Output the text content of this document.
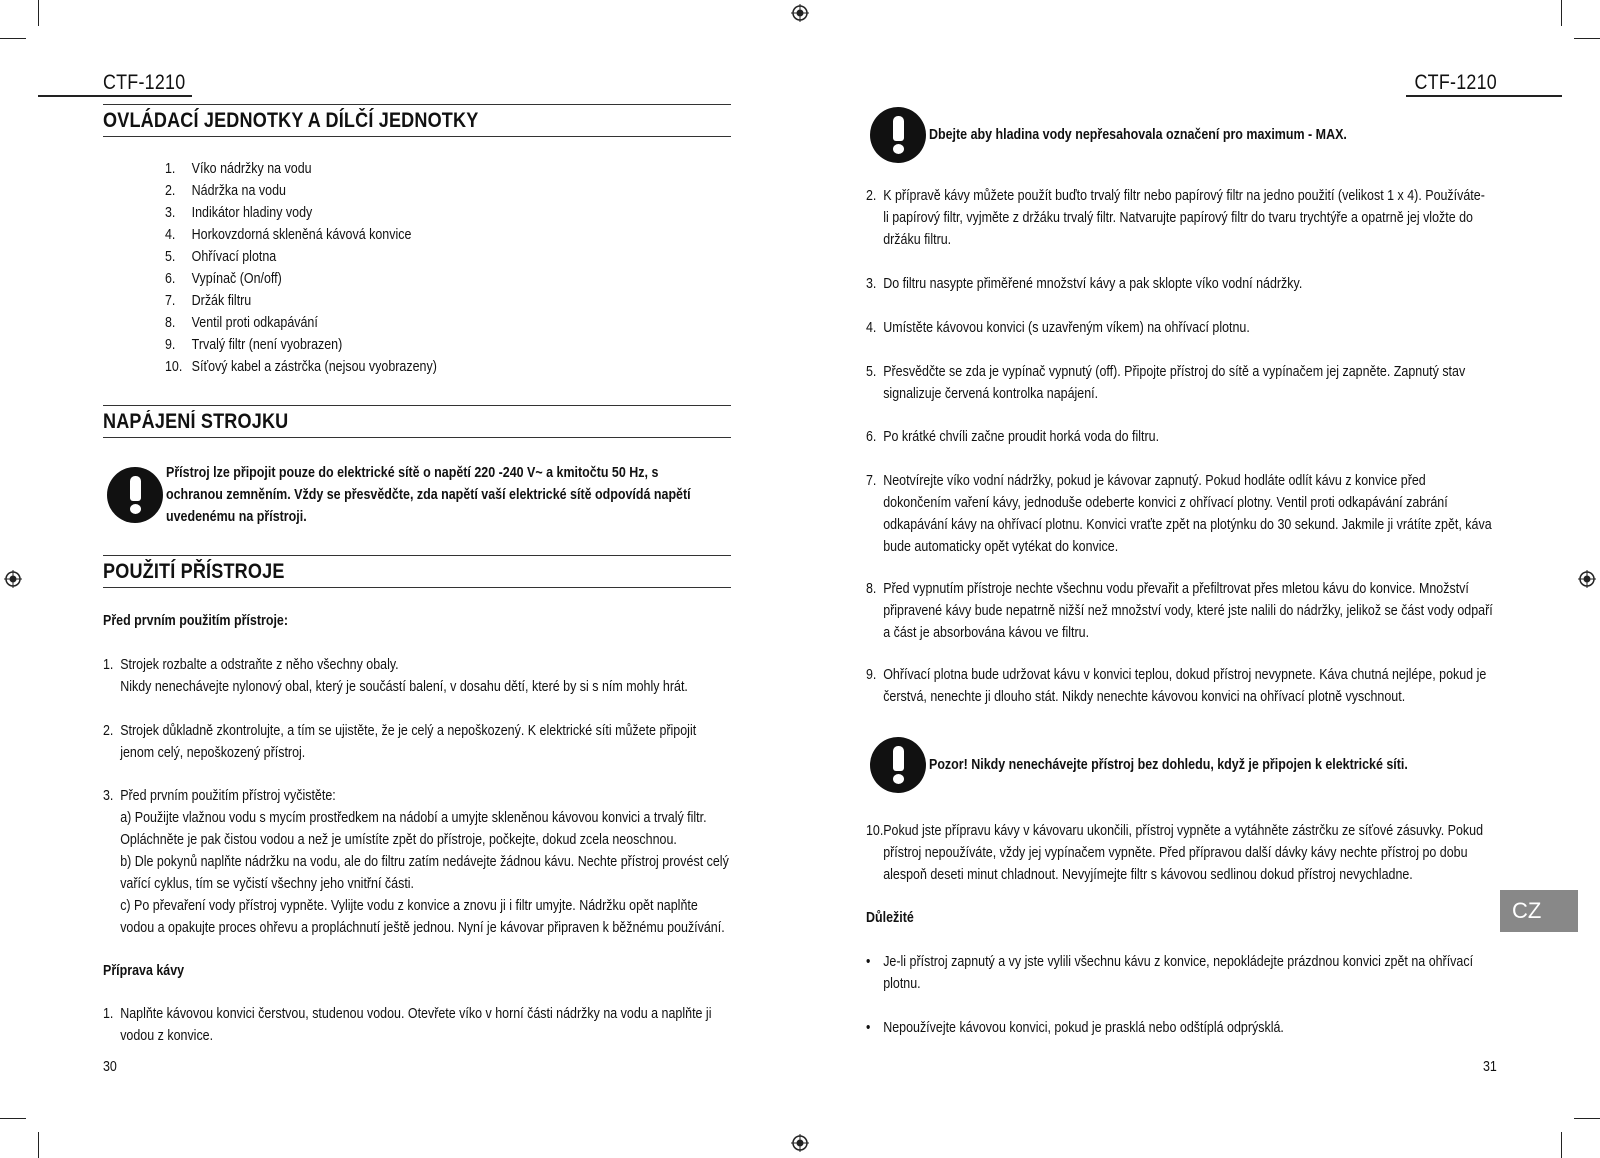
CTF-1210
OVLÁDACÍ JEDNOTKY A DÍLČÍ JEDNOTKY
1. Víko nádržky na vodu
2. Nádržka na vodu
3. Indikátor hladiny vody
4. Horkovzdorná skleněná kávová konvice
5. Ohřívací plotna
6. Vypínač (On/off)
7. Držák filtru
8. Ventil proti odkapávání
9. Trvalý filtr (není vyobrazen)
10. Síťový kabel a zástrčka (nejsou vyobrazeny)
NAPÁJENÍ STROJKU
Přístroj lze připojit pouze do elektrické sítě o napětí 220 -240 V~ a kmitočtu 50 Hz, s
ochranou zemněním. Vždy se přesvědčte, zda napětí vaší elektrické sítě odpovídá napětí
uvedenému na přístroji.
POUŽITÍ PŘÍSTROJE
Před prvním použitím přístroje:
1. Strojek rozbalte a odstraňte z něho všechny obaly.
Nikdy nenechávejte nylonový obal, který je součástí balení, v dosahu dětí, které by si s ním mohly hrát.
2. Strojek důkladně zkontrolujte, a tím se ujistěte, že je celý a nepoškozený. K elektrické síti můžete připojit
jenom celý, nepoškozený přístroj.
3. Před prvním použitím přístroj vyčistěte:
a) Použijte vlažnou vodu s mycím prostředkem na nádobí a umyjte skleněnou kávovou konvici a trvalý filtr.
Opláchněte je pak čistou vodou a než je umístíte zpět do přístroje, počkejte, dokud zcela neoschnou.
b) Dle pokynů naplňte nádržku na vodu, ale do filtru zatím nedávejte žádnou kávu. Nechte přístroj provést celý
vařící cyklus, tím se vyčistí všechny jeho vnitřní části.
c) Po převaření vody přístroj vypněte. Vylijte vodu z konvice a znovu ji i filtr umyjte. Nádržku opět naplňte
vodou a opakujte proces ohřevu a propláchnutí ještě jednou. Nyní je kávovar připraven k běžnému používání.
Příprava kávy
1. Naplňte kávovou konvici čerstvou, studenou vodou. Otevřete víko v horní části nádržky na vodu a naplňte ji
vodou z konvice.
30
CTF-1210
Dbejte aby hladina vody nepřesahovala označení pro maximum - MAX.
2. K přípravě kávy můžete použít buďto trvalý filtr nebo papírový filtr na jedno použití (velikost 1 x 4). Používáte-
li papírový filtr, vyjměte z držáku trvalý filtr. Natvarujte papírový filtr do tvaru trychtýře a opatrně jej vložte do
držáku filtru.
3. Do filtru nasypte přiměřené množství kávy a pak sklopte víko vodní nádržky.
4. Umístěte kávovou konvici (s uzavřeným víkem) na ohřívací plotnu.
5. Přesvědčte se zda je vypínač vypnutý (off). Připojte přístroj do sítě a vypínačem jej zapněte. Zapnutý stav
signalizuje červená kontrolka napájení.
6. Po krátké chvíli začne proudit horká voda do filtru.
7. Neotvírejte víko vodní nádržky, pokud je kávovar zapnutý. Pokud hodláte odlít kávu z konvice před
dokončením vaření kávy, jednoduše odeberte konvici z ohřívací plotny. Ventil proti odkapávání zabrání
odkapávání kávy na ohřívací plotnu. Konvici vraťte zpět na plotýnku do 30 sekund. Jakmile ji vrátíte zpět, káva
bude automaticky opět vytékat do konvice.
8. Před vypnutím přístroje nechte všechnu vodu převařit a přefiltrovat přes mletou kávu do konvice. Množství
připravené kávy bude nepatrně nižší než množství vody, které jste nalili do nádržky, jelikož se část vody odpaří
a část je absorbována kávou ve filtru.
9. Ohřívací plotna bude udržovat kávu v konvici teplou, dokud přístroj nevypnete. Káva chutná nejlépe, pokud je
čerstvá, nenechte ji dlouho stát. Nikdy nenechte kávovou konvici na ohřívací plotně vyschnout.
Pozor! Nikdy nenechávejte přístroj bez dohledu, když je připojen k elektrické síti.
10. Pokud jste přípravu kávy v kávovaru ukončili, přístroj vypněte a vytáhněte zástrčku ze síťové zásuvky. Pokud
přístroj nepoužíváte, vždy jej vypínačem vypněte. Před přípravou další dávky kávy nechte přístroj po dobu
alespoň deseti minut chladnout. Nevyjímejte filtr s kávovou sedlinou dokud přístroj nevychladne.
Důležité
• Je-li přístroj zapnutý a vy jste vylili všechnu kávu z konvice, nepokládejte prázdnou konvici zpět na ohřívací
plotnu.
• Nepoužívejte kávovou konvici, pokud je prasklá nebo odštíplá odprýsklá.
CZ
31
